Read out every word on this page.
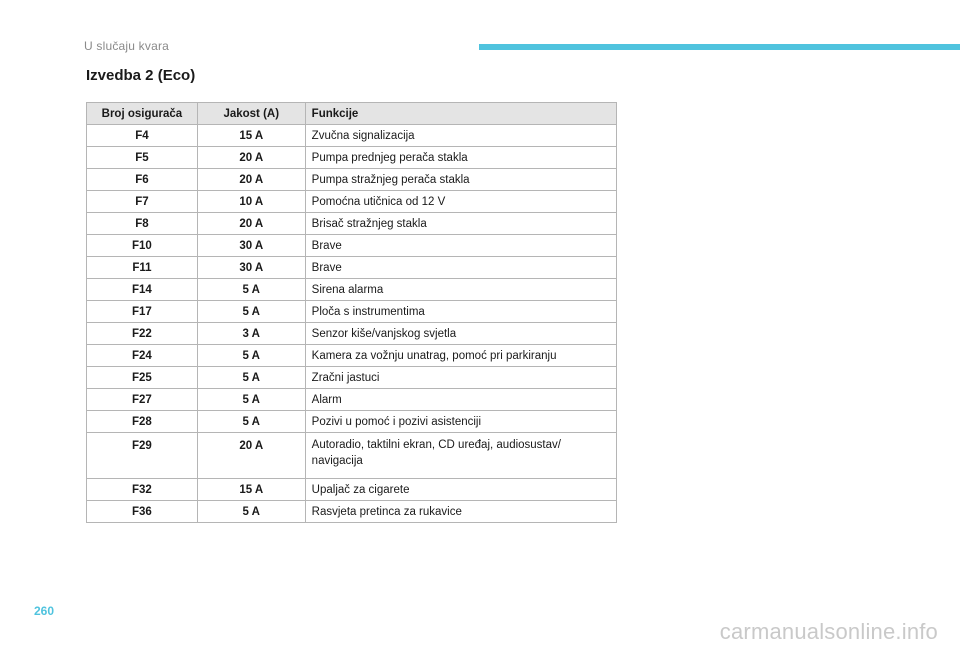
U slučaju kvara
Izvedba 2 (Eco)
Broj osigurača	Jakost (A)	Funkcije
F4	15 A	Zvučna signalizacija
F5	20 A	Pumpa prednjeg perača stakla
F6	20 A	Pumpa stražnjeg perača stakla
F7	10 A	Pomoćna utičnica od 12 V
F8	20 A	Brisač stražnjeg stakla
F10	30 A	Brave
F11	30 A	Brave
F14	5 A	Sirena alarma
F17	5 A	Ploča s instrumentima
F22	3 A	Senzor kiše/vanjskog svjetla
F24	5 A	Kamera za vožnju unatrag, pomoć pri parkiranju
F25	5 A	Zračni jastuci
F27	5 A	Alarm
F28	5 A	Pozivi u pomoć i pozivi asistenciji
F29	20 A	Autoradio, taktilni ekran, CD uređaj, audiosustav/ navigacija
F32	15 A	Upaljač za cigarete
F36	5 A	Rasvjeta pretinca za rukavice
260
carmanualsonline.info
